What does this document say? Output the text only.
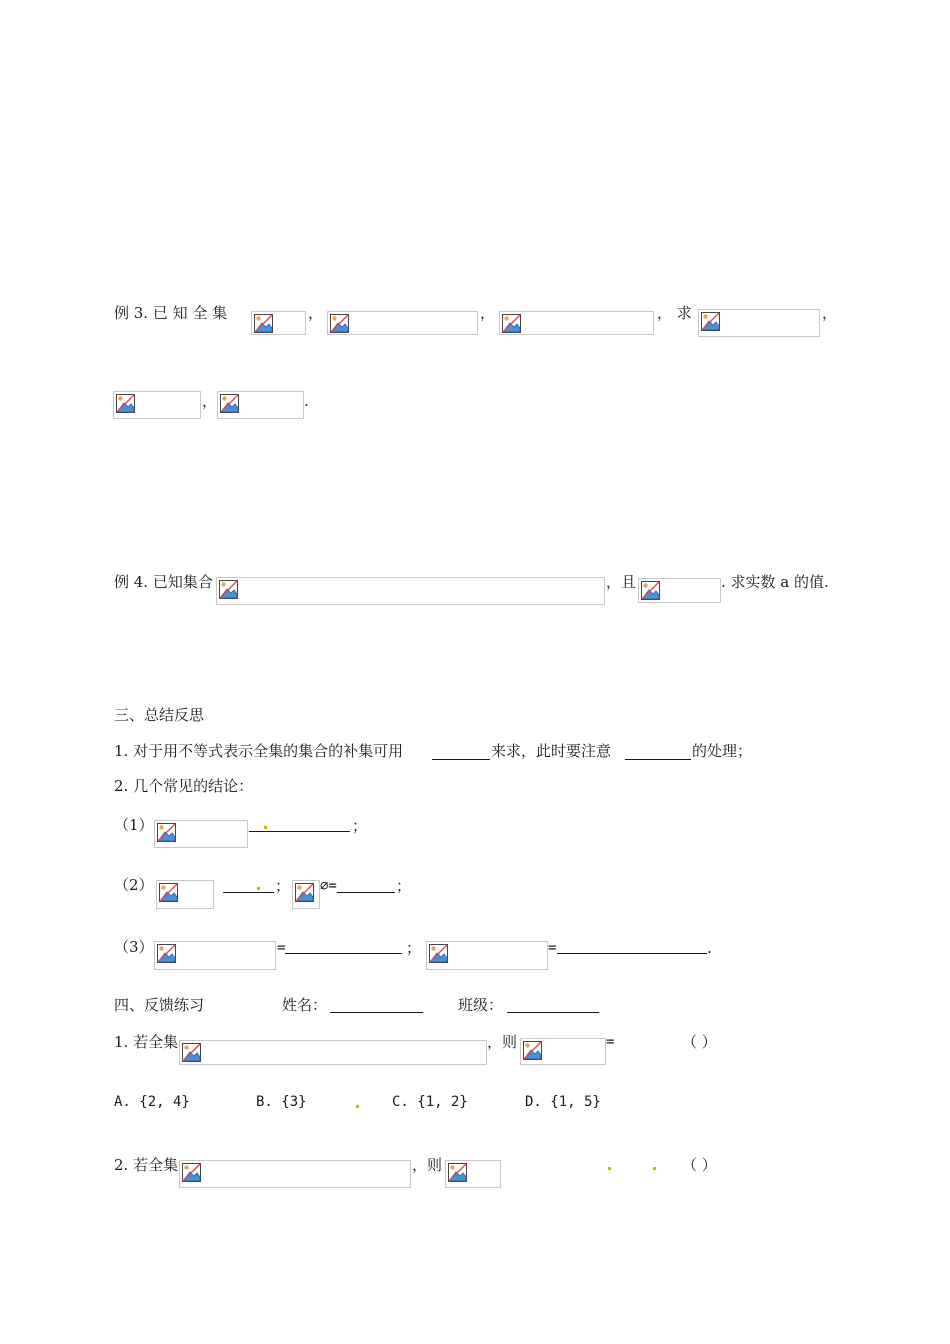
例 3. 已 知 全 集	，	，	， 求	，
，	.
例 4. 已知集合	，且	. 求实数 a 的值.
三、总结反思
1. 对于用不等式表示全集的集合的补集可用	来求，此时要注意	的处理；
2. 几个常见的结论：
（1）	；
（2）	； ∅=	；
（3）	=	；	=	.
四、反馈练习	姓名：	班级：
1. 若全集	，则	=	（ ）
A. {2, 4}	B. {3}	C. {1, 2}	D. {1, 5}
2. 若全集	，则	（ ）
